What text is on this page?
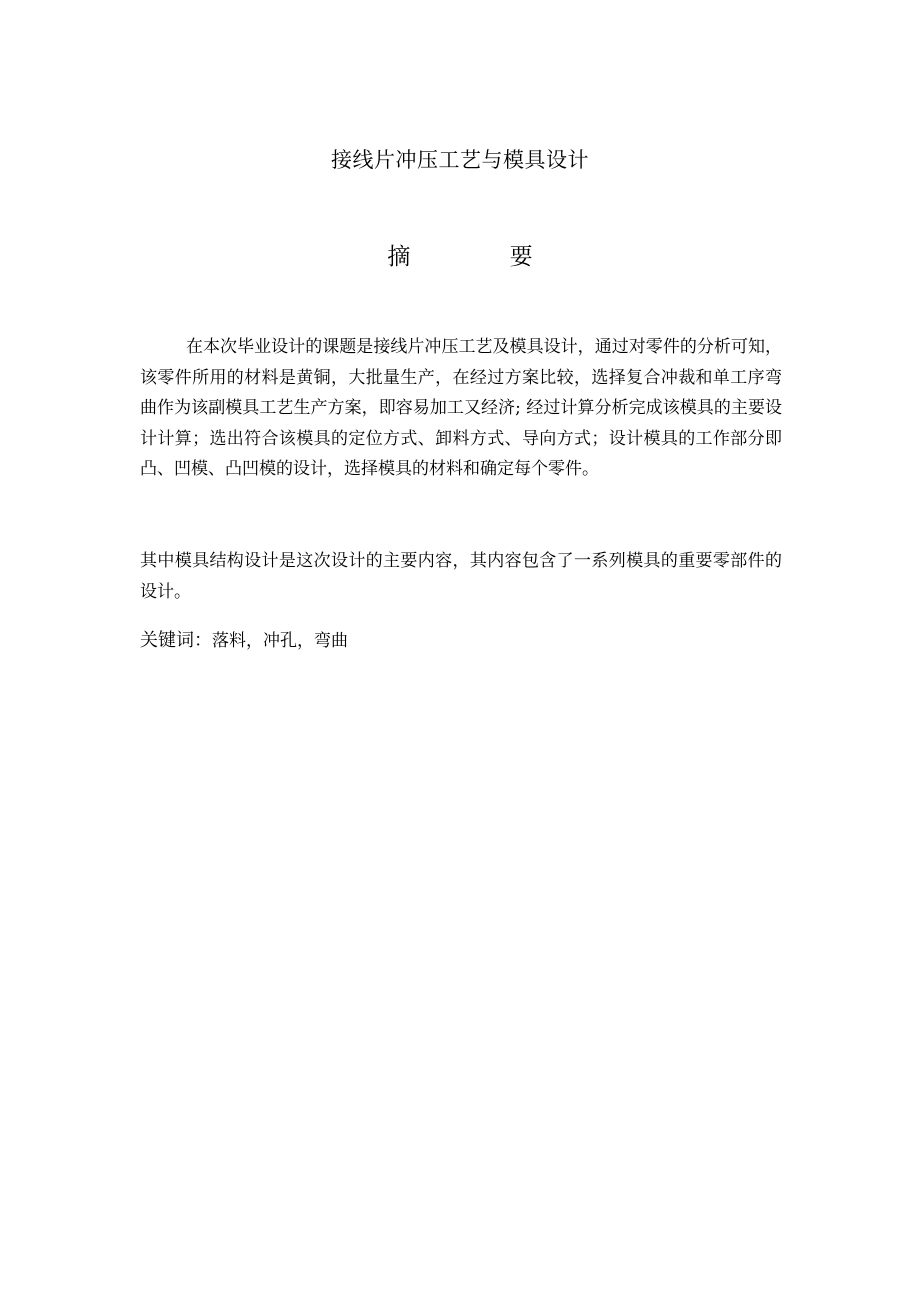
接线片冲压工艺与模具设计
摘 要

在本次毕业设计的课题是接线片冲压工艺及模具设计，通过对零件的分析可知，该零件所用的材料是黄铜，大批量生产，在经过方案比较，选择复合冲裁和单工序弯曲作为该副模具工艺生产方案，即容易加工又经济; 经过计算分析完成该模具的主要设计计算；选出符合该模具的定位方式、卸料方式、导向方式；设计模具的工作部分即凸、凹模、凸凹模的设计，选择模具的材料和确定每个零件。

其中模具结构设计是这次设计的主要内容，其内容包含了一系列模具的重要零部件的设计。

关键词：落料，冲孔，弯曲
